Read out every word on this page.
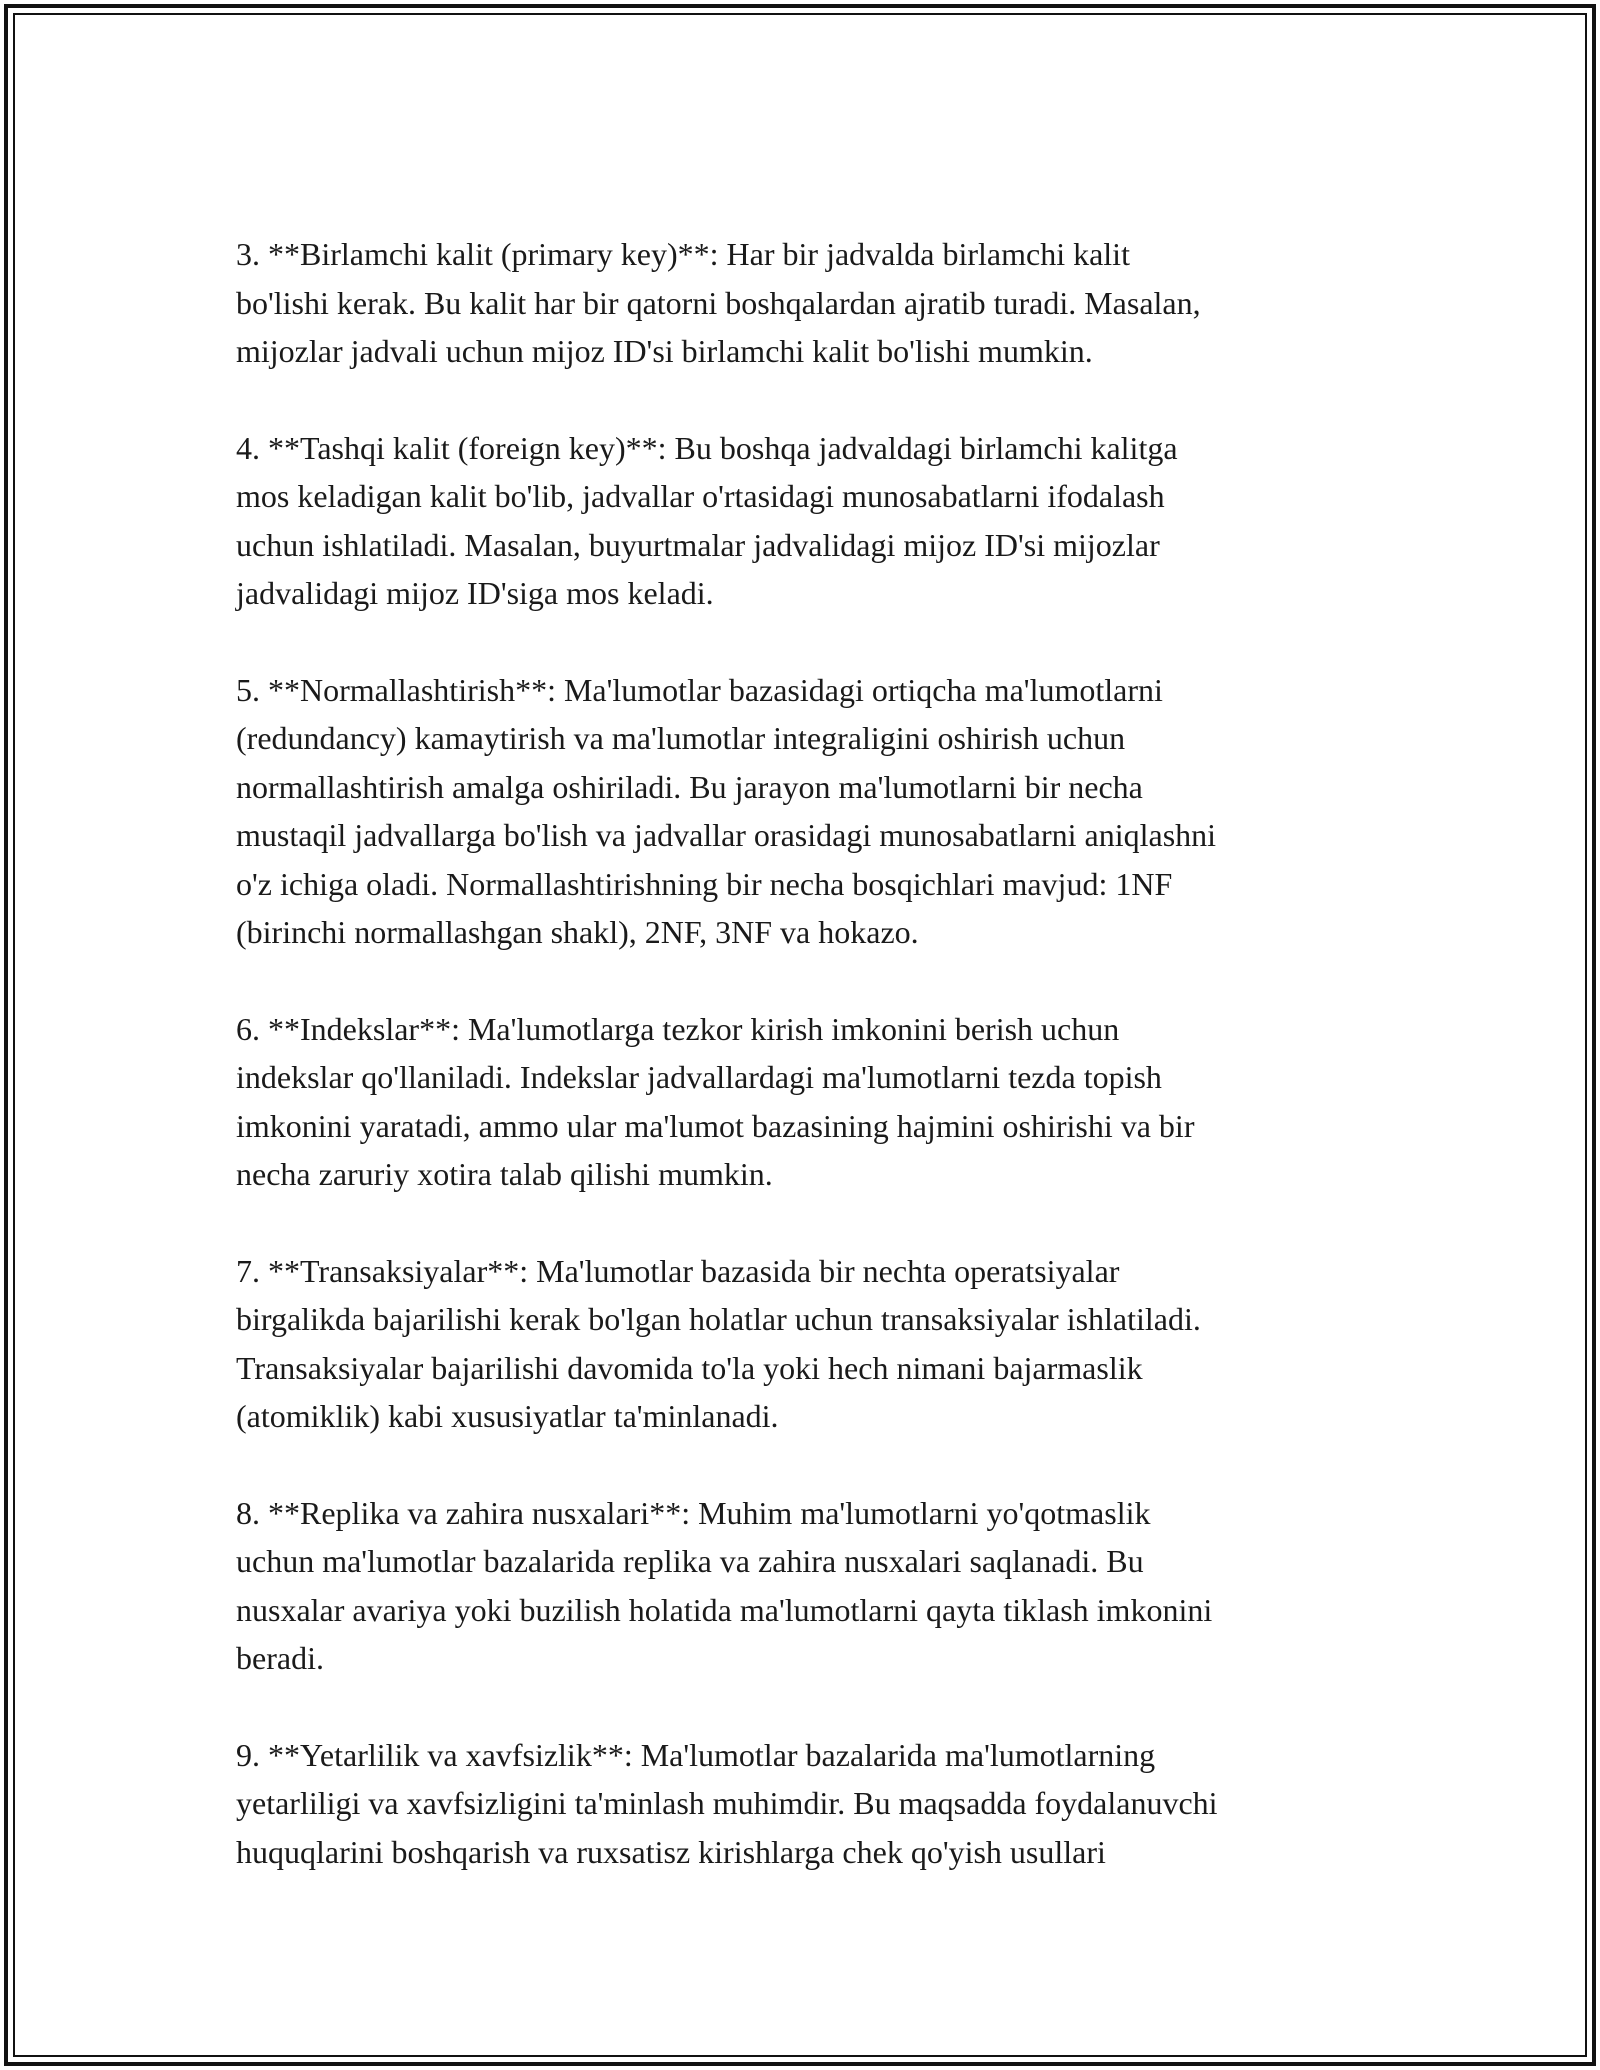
3. **Birlamchi kalit (primary key)**: Har bir jadvalda birlamchi kalit
bo'lishi kerak. Bu kalit har bir qatorni boshqalardan ajratib turadi. Masalan,
mijozlar jadvali uchun mijoz ID'si birlamchi kalit bo'lishi mumkin.

4. **Tashqi kalit (foreign key)**: Bu boshqa jadvaldagi birlamchi kalitga
mos keladigan kalit bo'lib, jadvallar o'rtasidagi munosabatlarni ifodalash
uchun ishlatiladi. Masalan, buyurtmalar jadvalidagi mijoz ID'si mijozlar
jadvalidagi mijoz ID'siga mos keladi.

5. **Normallashtirish**: Ma'lumotlar bazasidagi ortiqcha ma'lumotlarni
(redundancy) kamaytirish va ma'lumotlar integraligini oshirish uchun
normallashtirish amalga oshiriladi. Bu jarayon ma'lumotlarni bir necha
mustaqil jadvallarga bo'lish va jadvallar orasidagi munosabatlarni aniqlashni
o'z ichiga oladi. Normallashtirishning bir necha bosqichlari mavjud: 1NF
(birinchi normallashgan shakl), 2NF, 3NF va hokazo.

6. **Indekslar**: Ma'lumotlarga tezkor kirish imkonini berish uchun
indekslar qo'llaniladi. Indekslar jadvallardagi ma'lumotlarni tezda topish
imkonini yaratadi, ammo ular ma'lumot bazasining hajmini oshirishi va bir
necha zaruriy xotira talab qilishi mumkin.

7. **Transaksiyalar**: Ma'lumotlar bazasida bir nechta operatsiyalar
birgalikda bajarilishi kerak bo'lgan holatlar uchun transaksiyalar ishlatiladi.
Transaksiyalar bajarilishi davomida to'la yoki hech nimani bajarmaslik
(atomiklik) kabi xususiyatlar ta'minlanadi.

8. **Replika va zahira nusxalari**: Muhim ma'lumotlarni yo'qotmaslik
uchun ma'lumotlar bazalarida replika va zahira nusxalari saqlanadi. Bu
nusxalar avariya yoki buzilish holatida ma'lumotlarni qayta tiklash imkonini
beradi.

9. **Yetarlilik va xavfsizlik**: Ma'lumotlar bazalarida ma'lumotlarning
yetarliligi va xavfsizligini ta'minlash muhimdir. Bu maqsadda foydalanuvchi
huquqlarini boshqarish va ruxsatisz kirishlarga chek qo'yish usullari
